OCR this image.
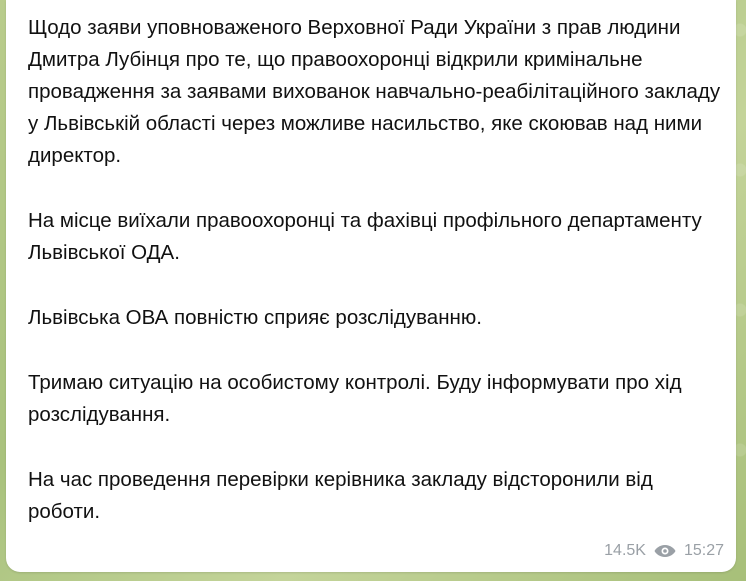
Щодо заяви уповноваженого Верховної Ради України з прав людини Дмитра Лубінця про те, що правоохоронці відкрили кримінальне провадження за заявами вихованок навчально-реабілітаційного закладу у Львівській області через можливе насильство, яке скоював над ними директор.

На місце виїхали правоохоронці та фахівці профільного департаменту Львівської ОДА.

Львівська ОВА повністю сприяє розслідуванню.

Тримаю ситуацію на особистому контролі. Буду інформувати про хід розслідування.

На час проведення перевірки керівника закладу відсторонили від роботи.

14.5K 15:27
